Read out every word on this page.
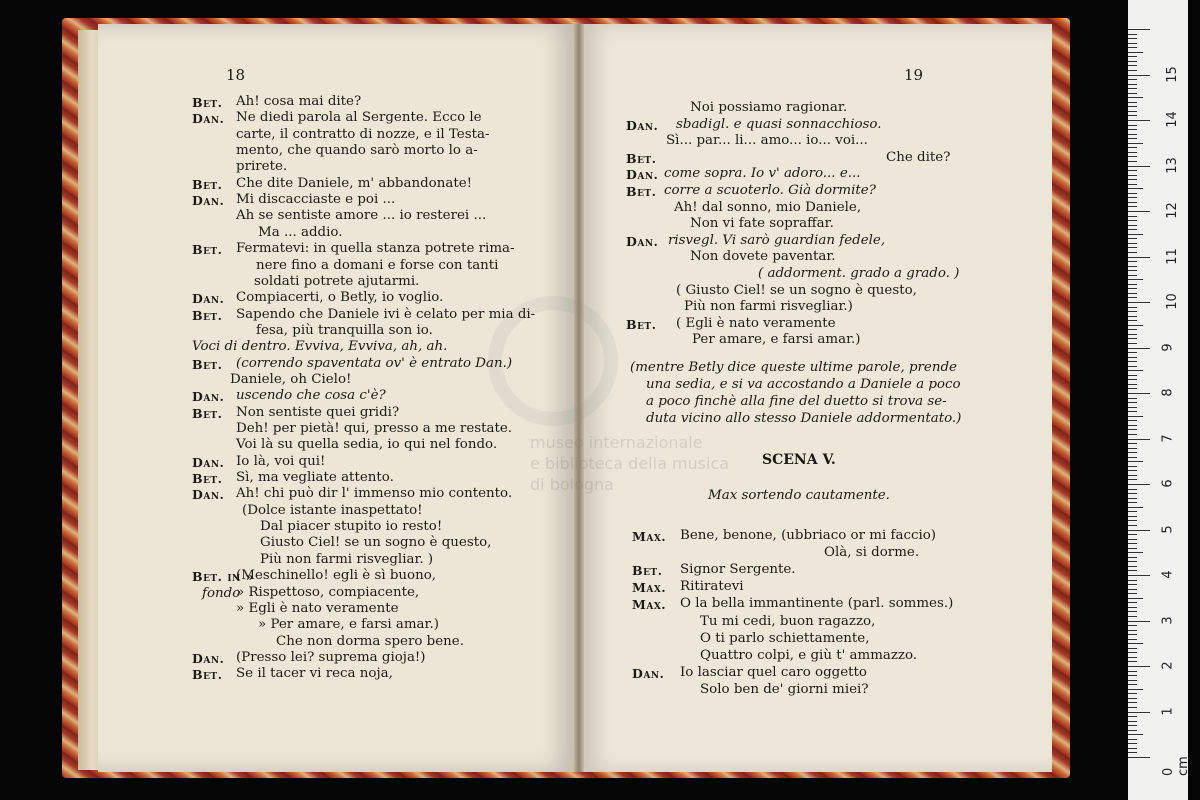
museo internazionale
e biblioteca della musica
di bologna
18	19
Bet. Ah! cosa mai dite?
Dan. Ne diedi parola al Sergente. Ecco le
carte, il contratto di nozze, e il Testa-
mento, che quando sarò morto lo a-
prirete.
Bet. Che dite Daniele, m' abbandonate!
Dan. Mi discacciaste e poi ...
Ah se sentiste amore ... io resterei ...
Ma ... addio.
Bet. Fermatevi: in quella stanza potrete rima-
nere fino a domani e forse con tanti
soldati potrete ajutarmi.
Dan. Compiacerti, o Betly, io voglio.
Bet. Sapendo che Daniele ivi è celato per mia di-
fesa, più tranquilla son io.
Voci di dentro. Evviva, Evviva, ah, ah.
Bet. (correndo spaventata ov' è entrato Dan.)
Daniele, oh Cielo!
Dan. uscendo che cosa c'è?
Bet. Non sentiste quei gridi?
Deh! per pietà! qui, presso a me restate.
Voi là su quella sedia, io qui nel fondo.
Dan. Io là, voi qui!
Bet. Sì, ma vegliate attento.
Dan. Ah! chi può dir l' immenso mio contento.
(Dolce istante inaspettato!
Dal piacer stupito io resto!
Giusto Ciel! se un sogno è questo,
Più non farmi risvegliar. )
Bet. in »
(Meschinello! egli è sì buono,
fondo
» Rispettoso, compiacente,
» Egli è nato veramente
» Per amare, e farsi amar.)
Che non dorma spero bene.
Dan. (Presso lei? suprema gioja!)
Bet. Se il tacer vi reca noja,
Noi possiamo ragionar.
Dan. sbadigl. e quasi sonnacchioso.
Sì... par... li... amo... io... voi...
Bet.	Che dite?
Dan. come sopra. Io v' adoro... e...
Bet. corre a scuoterlo. Già dormite?
Ah! dal sonno, mio Daniele,
Non vi fate sopraffar.
Dan. risvegl. Vi sarò guardian fedele,
Non dovete paventar.
( addorment. grado a grado. )
( Giusto Ciel! se un sogno è questo,
Più non farmi risvegliar.)
Bet. ( Egli è nato veramente
Per amare, e farsi amar.)
(mentre Betly dice queste ultime parole, prende
una sedia, e si va accostando a Daniele a poco
a poco finchè alla fine del duetto si trova se-
duta vicino allo stesso Daniele addormentato.)
Max. Bene, benone, (ubbriaco or mi faccio)
Olà, si dorme.
Bet. Signor Sergente.
Max. Ritiratevi
Max. O la bella immantinente (parl. sommes.)
Tu mi cedi, buon ragazzo,
O ti parlo schiettamente,
Quattro colpi, e giù t' ammazzo.
Dan. Io lasciar quel caro oggetto
Solo ben de' giorni miei?
SCENA V.
Max sortendo cautamente.
0 cm
1
2
3
4
5
6
7
8
9
10
11
12
13
14
15
